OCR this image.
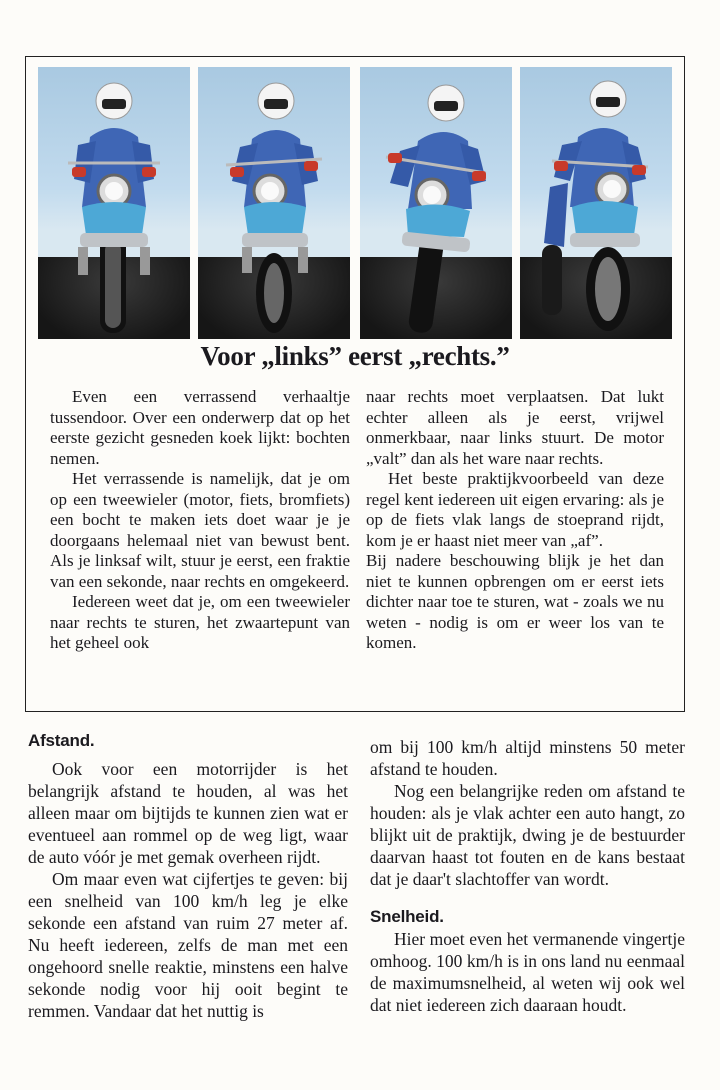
Voor „links” eerst „rechts.”

Even een verrassend verhaaltje tussendoor. Over een onderwerp dat op het eerste gezicht gesneden koek lijkt: bochten nemen.

Het verrassende is namelijk, dat je om op een tweewieler (motor, fiets, bromfiets) een bocht te maken iets doet waar je je doorgaans helemaal niet van bewust bent. Als je linksaf wilt, stuur je eerst, een fraktie van een sekonde, naar rechts en omgekeerd.

Iedereen weet dat je, om een tweewieler naar rechts te sturen, het zwaartepunt van het geheel ook

naar rechts moet verplaatsen. Dat lukt echter alleen als je eerst, vrijwel onmerkbaar, naar links stuurt. De motor „valt” dan als het ware naar rechts.

Het beste praktijkvoorbeeld van deze regel kent iedereen uit eigen ervaring: als je op de fiets vlak langs de stoeprand rijdt, kom je er haast niet meer van „af”.

Bij nadere beschouwing blijk je het dan niet te kunnen opbrengen om er eerst iets dichter naar toe te sturen, wat - zoals we nu weten - nodig is om er weer los van te komen.

Afstand.

Ook voor een motorrijder is het belangrijk afstand te houden, al was het alleen maar om bijtijds te kunnen zien wat er eventueel aan rommel op de weg ligt, waar de auto vóór je met gemak overheen rijdt.

Om maar even wat cijfertjes te geven: bij een snelheid van 100 km/h leg je elke sekonde een afstand van ruim 27 meter af. Nu heeft iedereen, zelfs de man met een ongehoord snelle reaktie, minstens een halve sekonde nodig voor hij ooit begint te remmen. Vandaar dat het nuttig is

om bij 100 km/h altijd minstens 50 meter afstand te houden.

Nog een belangrijke reden om afstand te houden: als je vlak achter een auto hangt, zo blijkt uit de praktijk, dwing je de bestuurder daarvan haast tot fouten en de kans bestaat dat je daar't slachtoffer van wordt.

Snelheid.

Hier moet even het vermanende vingertje omhoog. 100 km/h is in ons land nu eenmaal de maximumsnelheid, al weten wij ook wel dat niet iedereen zich daaraan houdt.
